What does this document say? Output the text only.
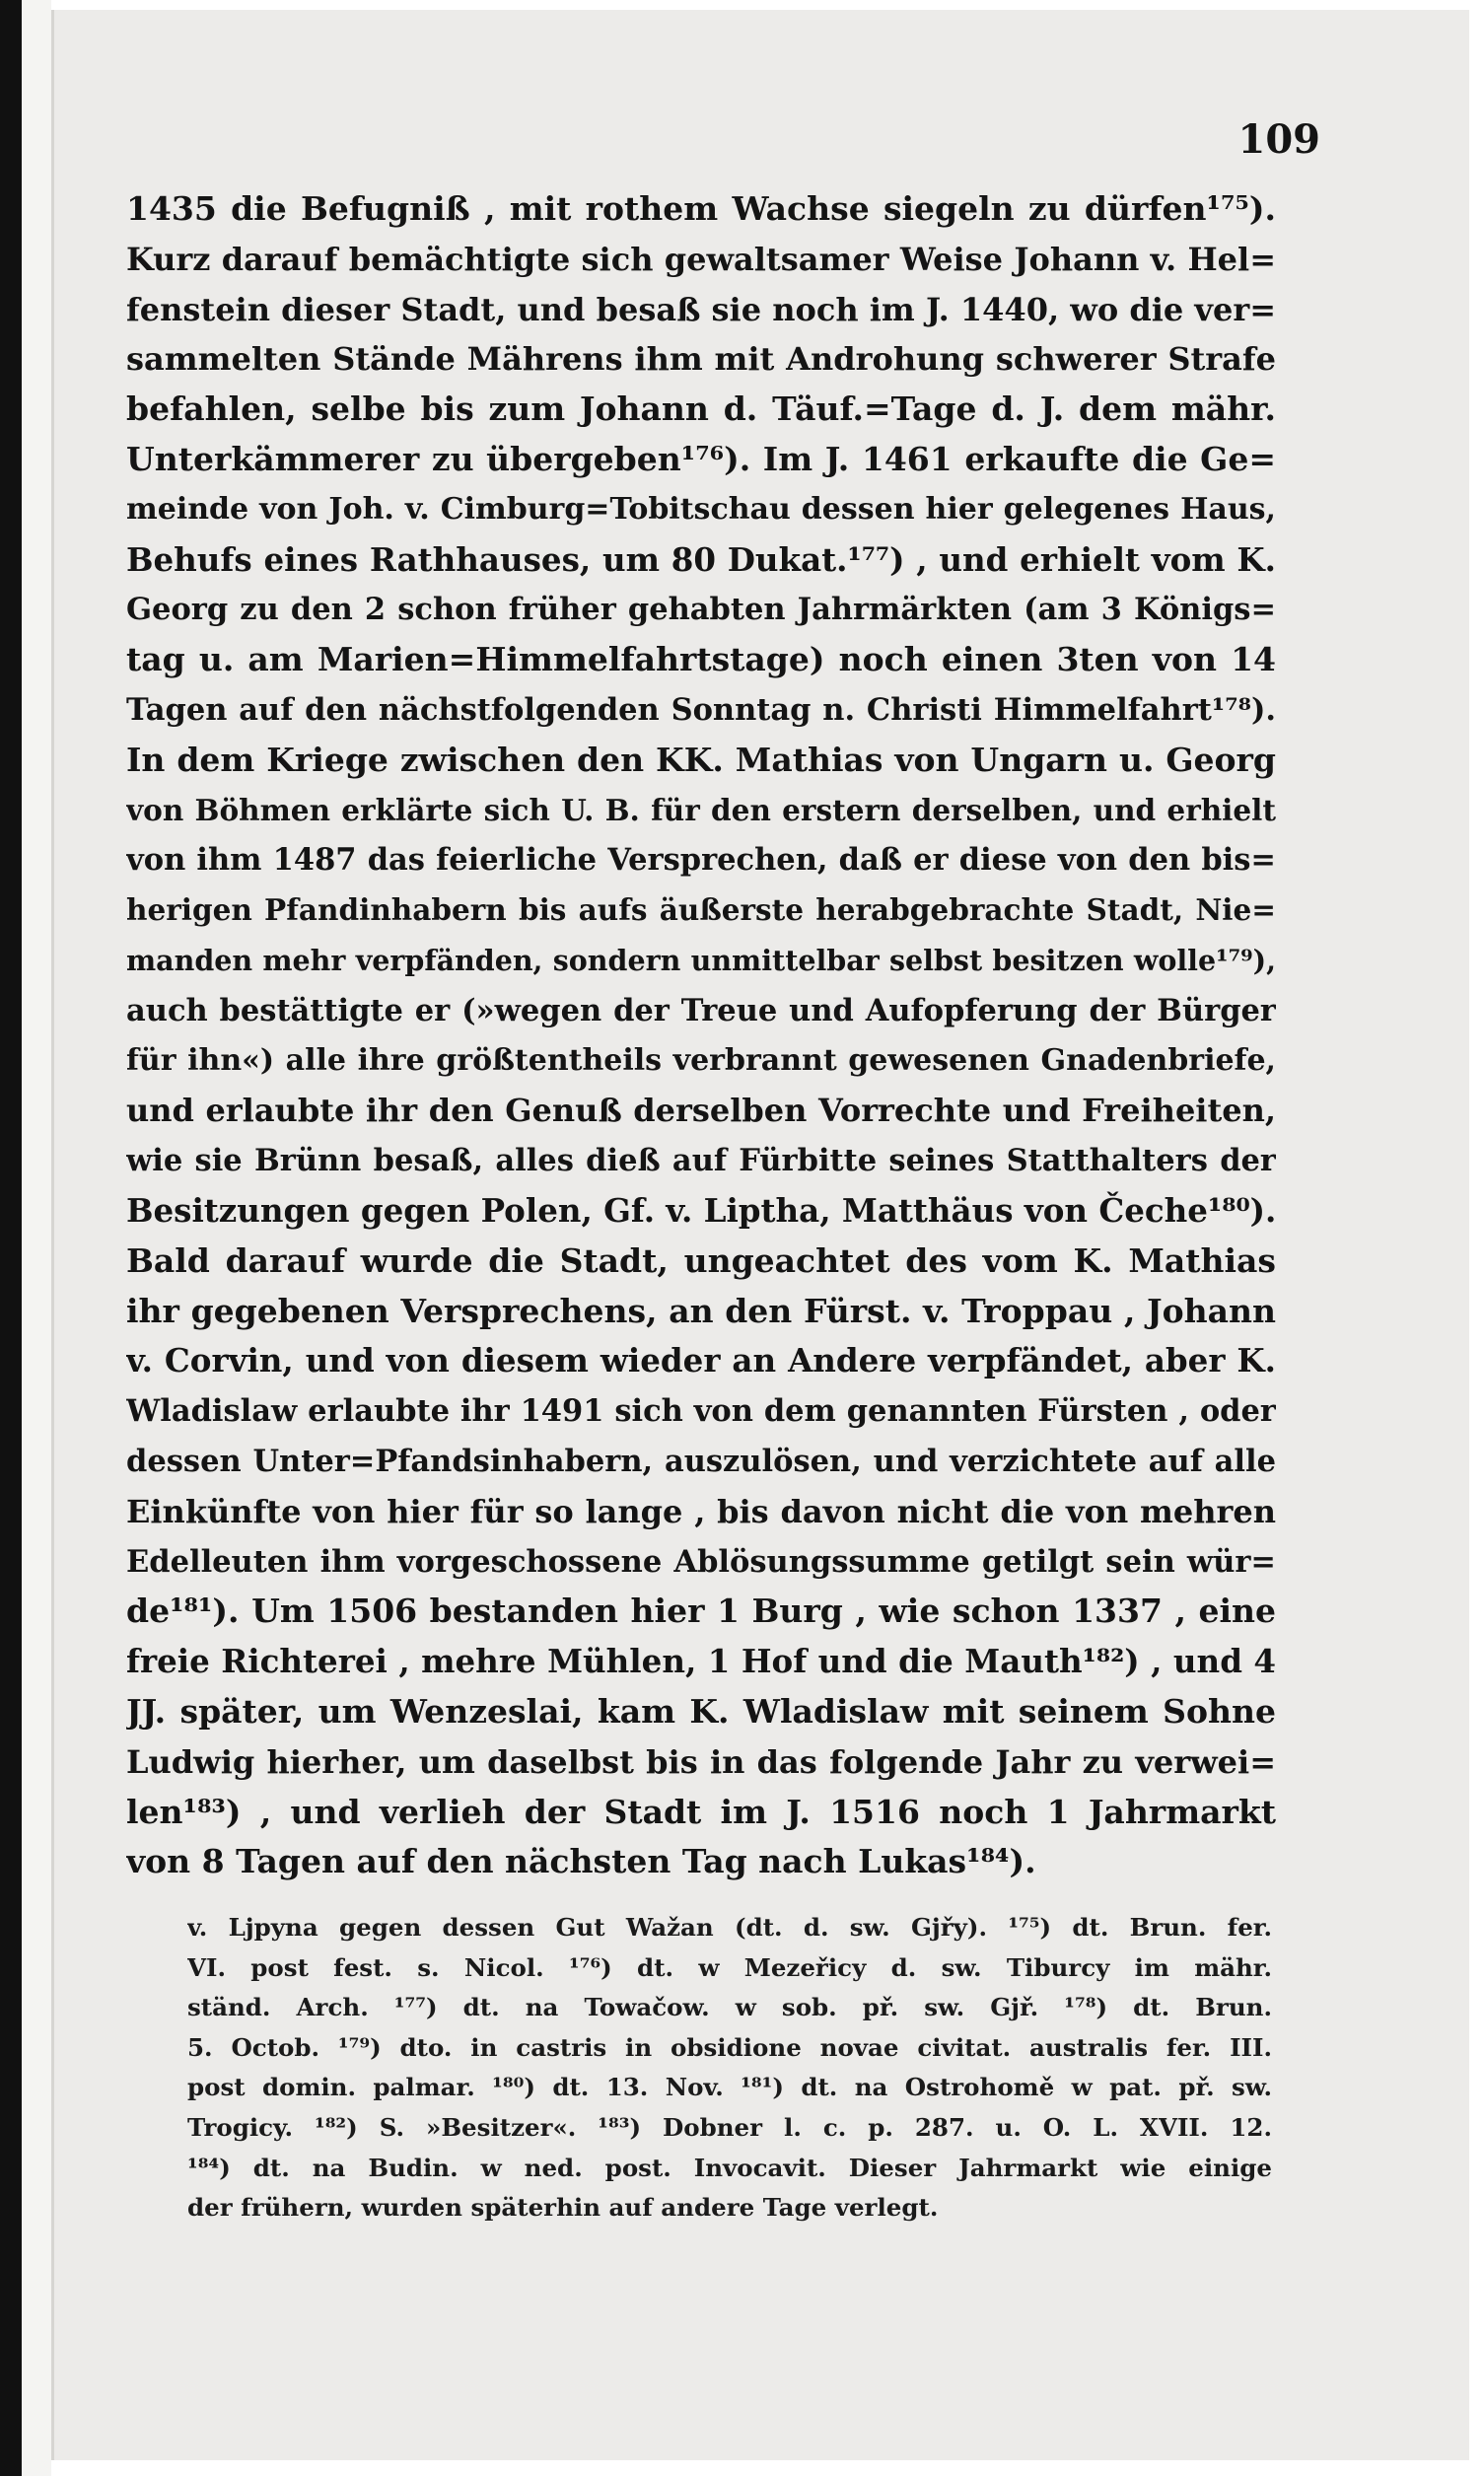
109
1435 die Befugniß , mit rothem Wachse siegeln zu dürfen¹⁷⁵).
Kurz darauf bemächtigte sich gewaltsamer Weise Johann v. Hel=
fenstein dieser Stadt, und besaß sie noch im J. 1440, wo die ver=
sammelten Stände Mährens ihm mit Androhung schwerer Strafe
befahlen, selbe bis zum Johann d. Täuf.=Tage d. J. dem mähr.
Unterkämmerer zu übergeben¹⁷⁶). Im J. 1461 erkaufte die Ge=
meinde von Joh. v. Cimburg=Tobitschau dessen hier gelegenes Haus,
Behufs eines Rathhauses, um 80 Dukat.¹⁷⁷) , und erhielt vom K.
Georg zu den 2 schon früher gehabten Jahrmärkten (am 3 Königs=
tag u. am Marien=Himmelfahrtstage) noch einen 3ten von 14
Tagen auf den nächstfolgenden Sonntag n. Christi Himmelfahrt¹⁷⁸).
In dem Kriege zwischen den KK. Mathias von Ungarn u. Georg
von Böhmen erklärte sich U. B. für den erstern derselben, und erhielt
von ihm 1487 das feierliche Versprechen, daß er diese von den bis=
herigen Pfandinhabern bis aufs äußerste herabgebrachte Stadt, Nie=
manden mehr verpfänden, sondern unmittelbar selbst besitzen wolle¹⁷⁹),
auch bestättigte er (»wegen der Treue und Aufopferung der Bürger
für ihn«) alle ihre größtentheils verbrannt gewesenen Gnadenbriefe,
und erlaubte ihr den Genuß derselben Vorrechte und Freiheiten,
wie sie Brünn besaß, alles dieß auf Fürbitte seines Statthalters der
Besitzungen gegen Polen, Gf. v. Liptha, Matthäus von Čeche¹⁸⁰).
Bald darauf wurde die Stadt, ungeachtet des vom K. Mathias
ihr gegebenen Versprechens, an den Fürst. v. Troppau , Johann
v. Corvin, und von diesem wieder an Andere verpfändet, aber K.
Wladislaw erlaubte ihr 1491 sich von dem genannten Fürsten , oder
dessen Unter=Pfandsinhabern, auszulösen, und verzichtete auf alle
Einkünfte von hier für so lange , bis davon nicht die von mehren
Edelleuten ihm vorgeschossene Ablösungssumme getilgt sein wür=
de¹⁸¹). Um 1506 bestanden hier 1 Burg , wie schon 1337 , eine
freie Richterei , mehre Mühlen, 1 Hof und die Mauth¹⁸²) , und 4
JJ. später, um Wenzeslai, kam K. Wladislaw mit seinem Sohne
Ludwig hierher, um daselbst bis in das folgende Jahr zu verwei=
len¹⁸³) , und verlieh der Stadt im J. 1516 noch 1 Jahrmarkt
von 8 Tagen auf den nächsten Tag nach Lukas¹⁸⁴).
v. Ljpyna gegen dessen Gut Wažan (dt. d. sw. Gjřy). ¹⁷⁵) dt. Brun. fer.
VI. post fest. s. Nicol. ¹⁷⁶) dt. w Mezeřicy d. sw. Tiburcy im mähr.
ständ. Arch. ¹⁷⁷) dt. na Towačow. w sob. př. sw. Gjř. ¹⁷⁸) dt. Brun.
5. Octob. ¹⁷⁹) dto. in castris in obsidione novae civitat. australis fer. III.
post domin. palmar. ¹⁸⁰) dt. 13. Nov. ¹⁸¹) dt. na Ostrohomě w pat. př. sw.
Trogicy. ¹⁸²) S. »Besitzer«. ¹⁸³) Dobner l. c. p. 287. u. O. L. XVII. 12.
¹⁸⁴) dt. na Budin. w ned. post. Invocavit. Dieser Jahrmarkt wie einige
der frühern, wurden späterhin auf andere Tage verlegt.
